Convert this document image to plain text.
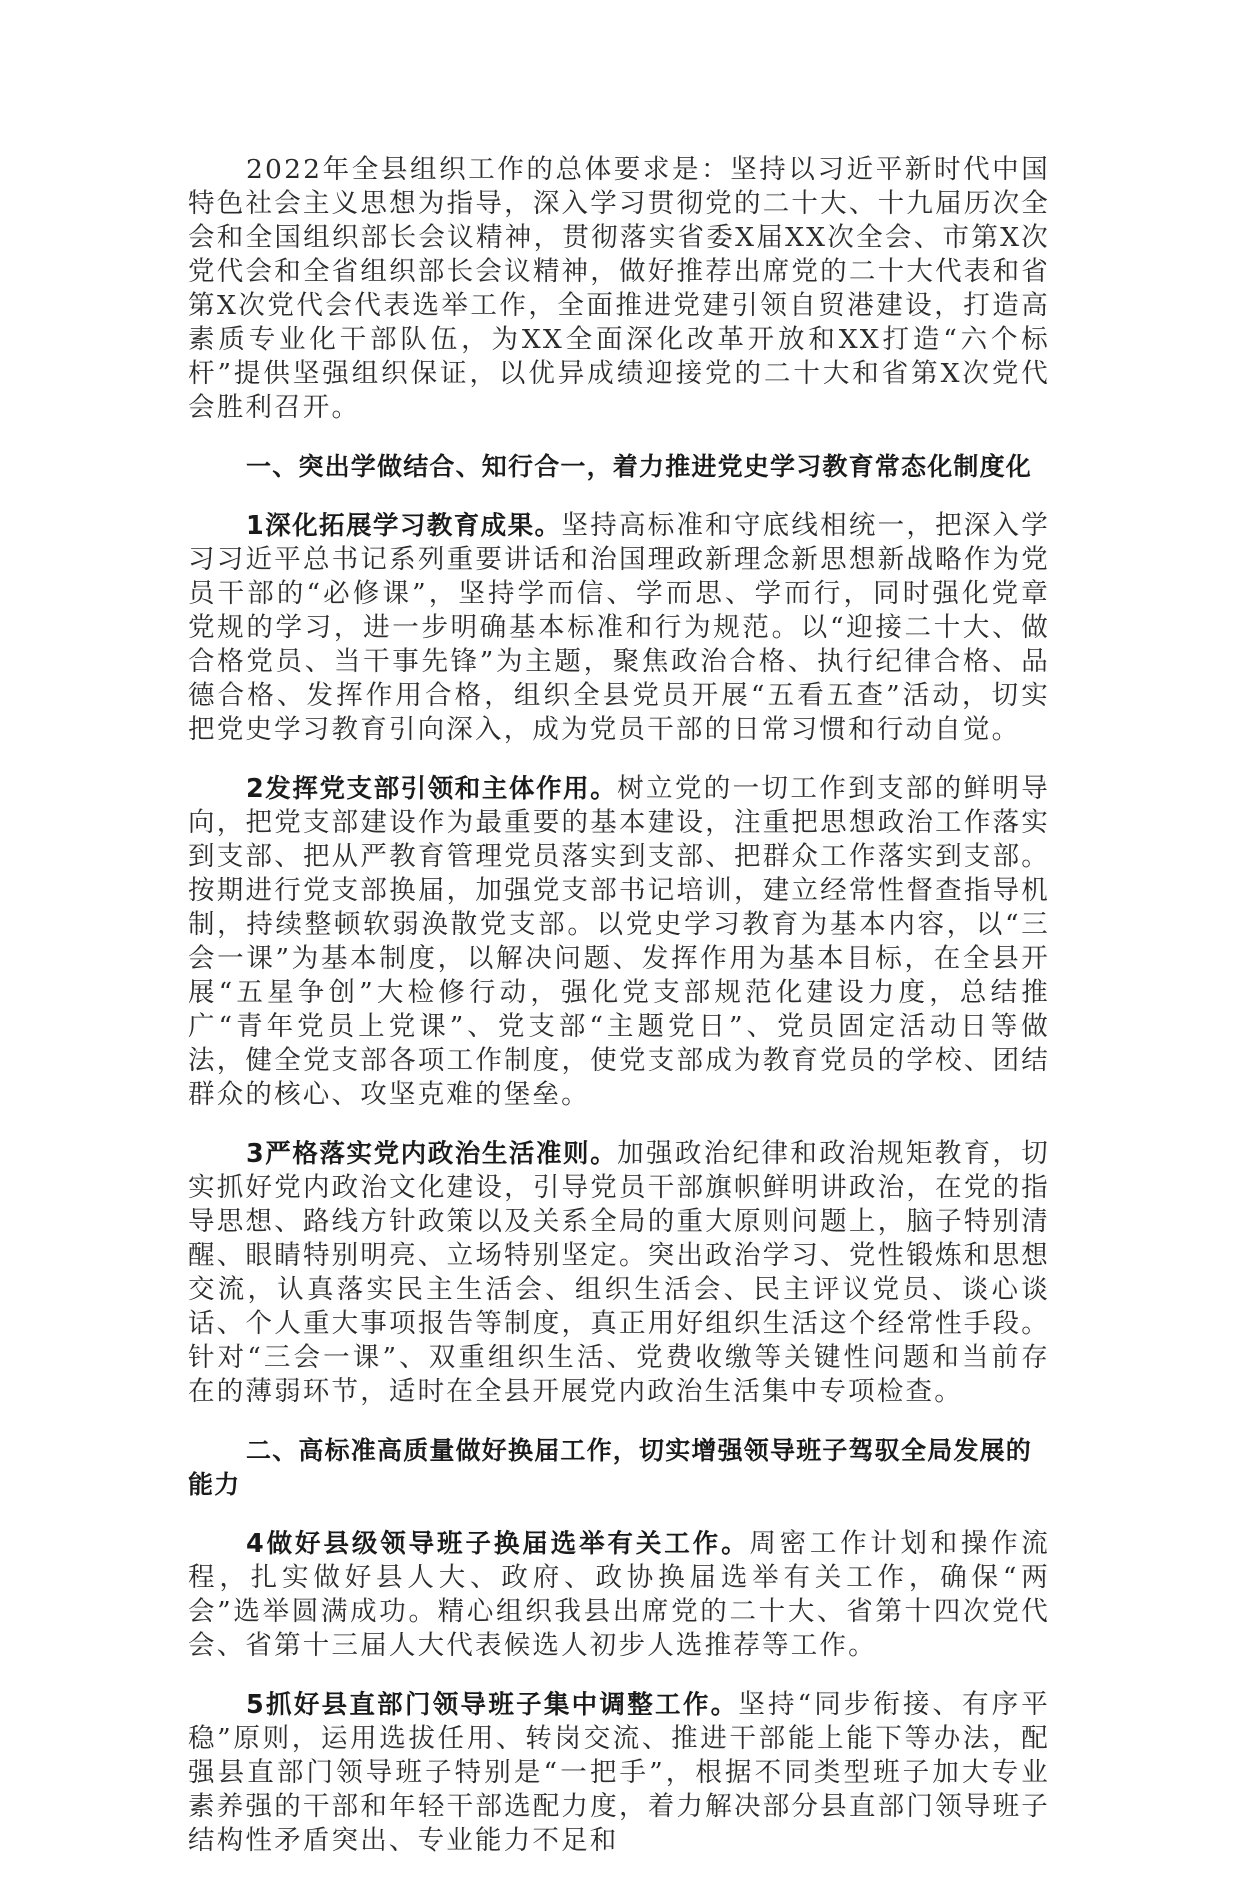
2022年全县组织工作的总体要求是：坚持以习近平新时代中国特色社会主义思想为指导，深入学习贯彻党的二十大、十九届历次全会和全国组织部长会议精神，贯彻落实省委X届XX次全会、市第X次党代会和全省组织部长会议精神，做好推荐出席党的二十大代表和省第X次党代会代表选举工作，全面推进党建引领自贸港建设，打造高素质专业化干部队伍，为XX全面深化改革开放和XX打造“六个标杆”提供坚强组织保证，以优异成绩迎接党的二十大和省第X次党代会胜利召开。

一、突出学做结合、知行合一，着力推进党史学习教育常态化制度化

1深化拓展学习教育成果。坚持高标准和守底线相统一，把深入学习习近平总书记系列重要讲话和治国理政新理念新思想新战略作为党员干部的“必修课”，坚持学而信、学而思、学而行，同时强化党章党规的学习，进一步明确基本标准和行为规范。以“迎接二十大、做合格党员、当干事先锋”为主题，聚焦政治合格、执行纪律合格、品德合格、发挥作用合格，组织全县党员开展“五看五查”活动，切实把党史学习教育引向深入，成为党员干部的日常习惯和行动自觉。

2发挥党支部引领和主体作用。树立党的一切工作到支部的鲜明导向，把党支部建设作为最重要的基本建设，注重把思想政治工作落实到支部、把从严教育管理党员落实到支部、把群众工作落实到支部。按期进行党支部换届，加强党支部书记培训，建立经常性督查指导机制，持续整顿软弱涣散党支部。以党史学习教育为基本内容，以“三会一课”为基本制度，以解决问题、发挥作用为基本目标，在全县开展“五星争创”大检修行动，强化党支部规范化建设力度，总结推广“青年党员上党课”、党支部“主题党日”、党员固定活动日等做法，健全党支部各项工作制度，使党支部成为教育党员的学校、团结群众的核心、攻坚克难的堡垒。

3严格落实党内政治生活准则。加强政治纪律和政治规矩教育，切实抓好党内政治文化建设，引导党员干部旗帜鲜明讲政治，在党的指导思想、路线方针政策以及关系全局的重大原则问题上，脑子特别清醒、眼睛特别明亮、立场特别坚定。突出政治学习、党性锻炼和思想交流，认真落实民主生活会、组织生活会、民主评议党员、谈心谈话、个人重大事项报告等制度，真正用好组织生活这个经常性手段。针对“三会一课”、双重组织生活、党费收缴等关键性问题和当前存在的薄弱环节，适时在全县开展党内政治生活集中专项检查。

二、高标准高质量做好换届工作，切实增强领导班子驾驭全局发展的能力

4做好县级领导班子换届选举有关工作。周密工作计划和操作流程，扎实做好县人大、政府、政协换届选举有关工作，确保“两会”选举圆满成功。精心组织我县出席党的二十大、省第十四次党代会、省第十三届人大代表候选人初步人选推荐等工作。

5抓好县直部门领导班子集中调整工作。坚持“同步衔接、有序平稳”原则，运用选拔任用、转岗交流、推进干部能上能下等办法，配强县直部门领导班子特别是“一把手”，根据不同类型班子加大专业素养强的干部和年轻干部选配力度，着力解决部分县直部门领导班子结构性矛盾突出、专业能力不足和
